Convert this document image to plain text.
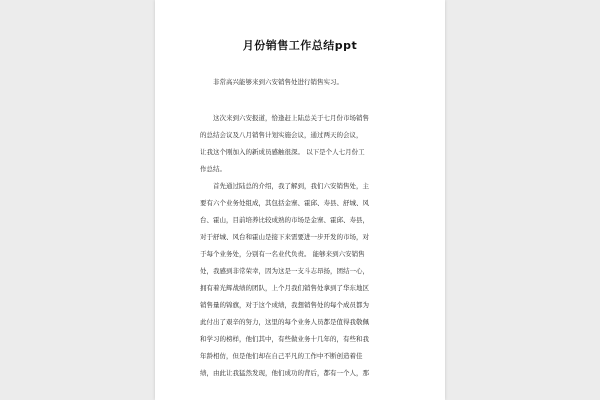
月份销售工作总结ppt
　　非常高兴能够来到六安销售处进行销售实习。
　　这次来到六安报道，恰逢赶上陆总关于七月份市场销售
的总结会议及八月销售计划实施会议，通过两天的会议，
让我这个刚加入的新成员感触很深。 以下是个人七月份工
作总结。
　　首先通过陆总的介绍，我了解到，我们六安销售处，主
要有六个业务处组成，其包括金寨、霍邱、寿县、舒城、风
台、霍山，目前培养比较成熟的市场是金寨、霍邱、寿县，
对于舒城、风台和霍山是接下来需要进一步开发的市场，对
于每个业务处，分别有一名业代负责。 能够来到六安销售
处，我感到非常荣幸，因为这是一支斗志昂扬，团结一心，
拥有着光辉战绩的团队，上个月我们销售处拿到了华东地区
销售量的锦旗，对于这个成绩，我想销售处的每个成员都为
此付出了艰辛的努力，这里的每个业务人员都是值得我敬佩
和学习的榜样，他们其中，有些做业务十几年的，有些和我
年龄相仿，但是他们却在自己平凡的工作中不断创造着佳
绩，由此让我猛然发现，他们成功的背后，都有一个人，那
